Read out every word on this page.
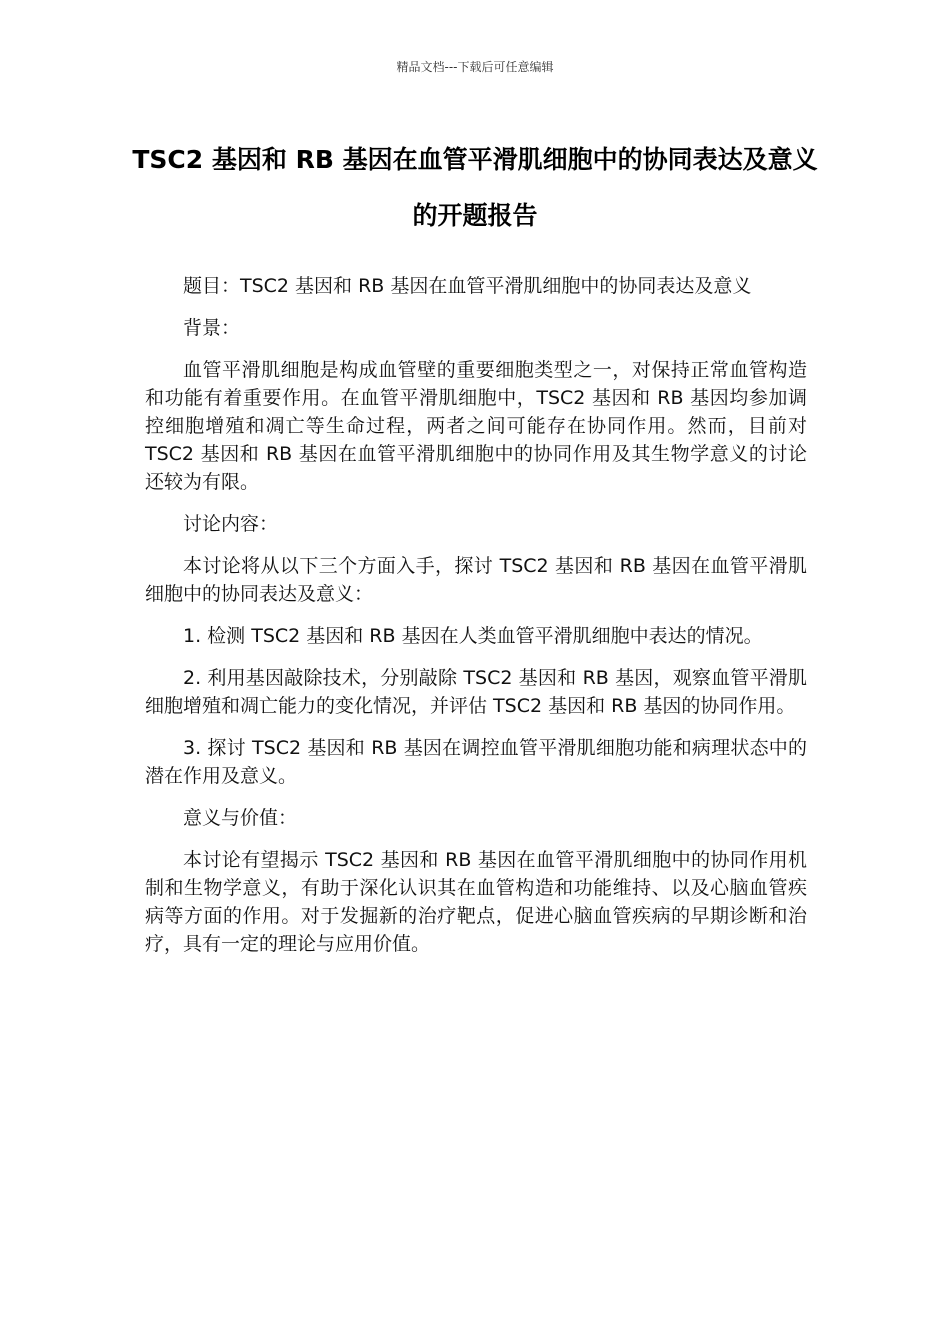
精品文档---下载后可任意编辑
TSC2 基因和 RB 基因在血管平滑肌细胞中的协同表达及意义的开题报告

题目：TSC2 基因和 RB 基因在血管平滑肌细胞中的协同表达及意义

背景：

血管平滑肌细胞是构成血管壁的重要细胞类型之一，对保持正常血管构造和功能有着重要作用。在血管平滑肌细胞中，TSC2 基因和 RB 基因均参加调控细胞增殖和凋亡等生命过程，两者之间可能存在协同作用。然而，目前对 TSC2 基因和 RB 基因在血管平滑肌细胞中的协同作用及其生物学意义的讨论还较为有限。

讨论内容：

本讨论将从以下三个方面入手，探讨 TSC2 基因和 RB 基因在血管平滑肌细胞中的协同表达及意义：

1. 检测 TSC2 基因和 RB 基因在人类血管平滑肌细胞中表达的情况。

2. 利用基因敲除技术，分别敲除 TSC2 基因和 RB 基因，观察血管平滑肌细胞增殖和凋亡能力的变化情况，并评估 TSC2 基因和 RB 基因的协同作用。

3. 探讨 TSC2 基因和 RB 基因在调控血管平滑肌细胞功能和病理状态中的潜在作用及意义。

意义与价值：

本讨论有望揭示 TSC2 基因和 RB 基因在血管平滑肌细胞中的协同作用机制和生物学意义，有助于深化认识其在血管构造和功能维持、以及心脑血管疾病等方面的作用。对于发掘新的治疗靶点，促进心脑血管疾病的早期诊断和治疗，具有一定的理论与应用价值。
